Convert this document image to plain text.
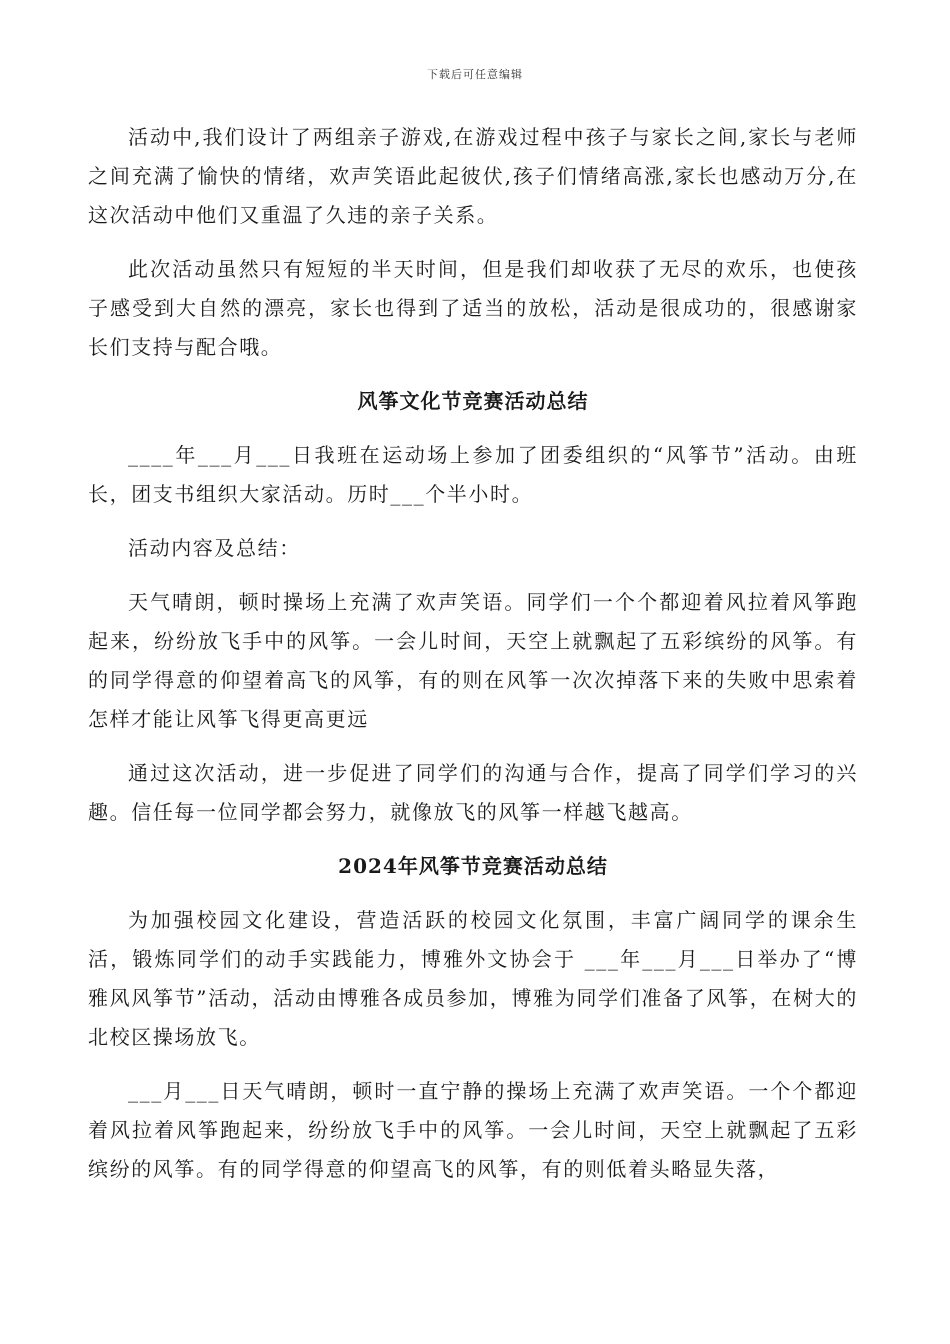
下载后可任意编辑

活动中,我们设计了两组亲子游戏,在游戏过程中孩子与家长之间,家长与老师之间充满了愉快的情绪，欢声笑语此起彼伏,孩子们情绪高涨,家长也感动万分,在这次活动中他们又重温了久违的亲子关系。

此次活动虽然只有短短的半天时间，但是我们却收获了无尽的欢乐，也使孩子感受到大自然的漂亮，家长也得到了适当的放松，活动是很成功的，很感谢家长们支持与配合哦。

风筝文化节竞赛活动总结

____年___月___日我班在运动场上参加了团委组织的“风筝节”活动。由班长，团支书组织大家活动。历时___个半小时。

活动内容及总结：

天气晴朗，顿时操场上充满了欢声笑语。同学们一个个都迎着风拉着风筝跑起来，纷纷放飞手中的风筝。一会儿时间，天空上就飘起了五彩缤纷的风筝。有的同学得意的仰望着高飞的风筝，有的则在风筝一次次掉落下来的失败中思索着怎样才能让风筝飞得更高更远

通过这次活动，进一步促进了同学们的沟通与合作，提高了同学们学习的兴趣。信任每一位同学都会努力，就像放飞的风筝一样越飞越高。

2024年风筝节竞赛活动总结

为加强校园文化建设，营造活跃的校园文化氛围，丰富广阔同学的课余生活，锻炼同学们的动手实践能力，博雅外文协会于 ___年___月___日举办了“博雅风风筝节”活动，活动由博雅各成员参加，博雅为同学们准备了风筝，在树大的北校区操场放飞。

___月___日天气晴朗，顿时一直宁静的操场上充满了欢声笑语。一个个都迎着风拉着风筝跑起来，纷纷放飞手中的风筝。一会儿时间，天空上就飘起了五彩缤纷的风筝。有的同学得意的仰望高飞的风筝，有的则低着头略显失落，
